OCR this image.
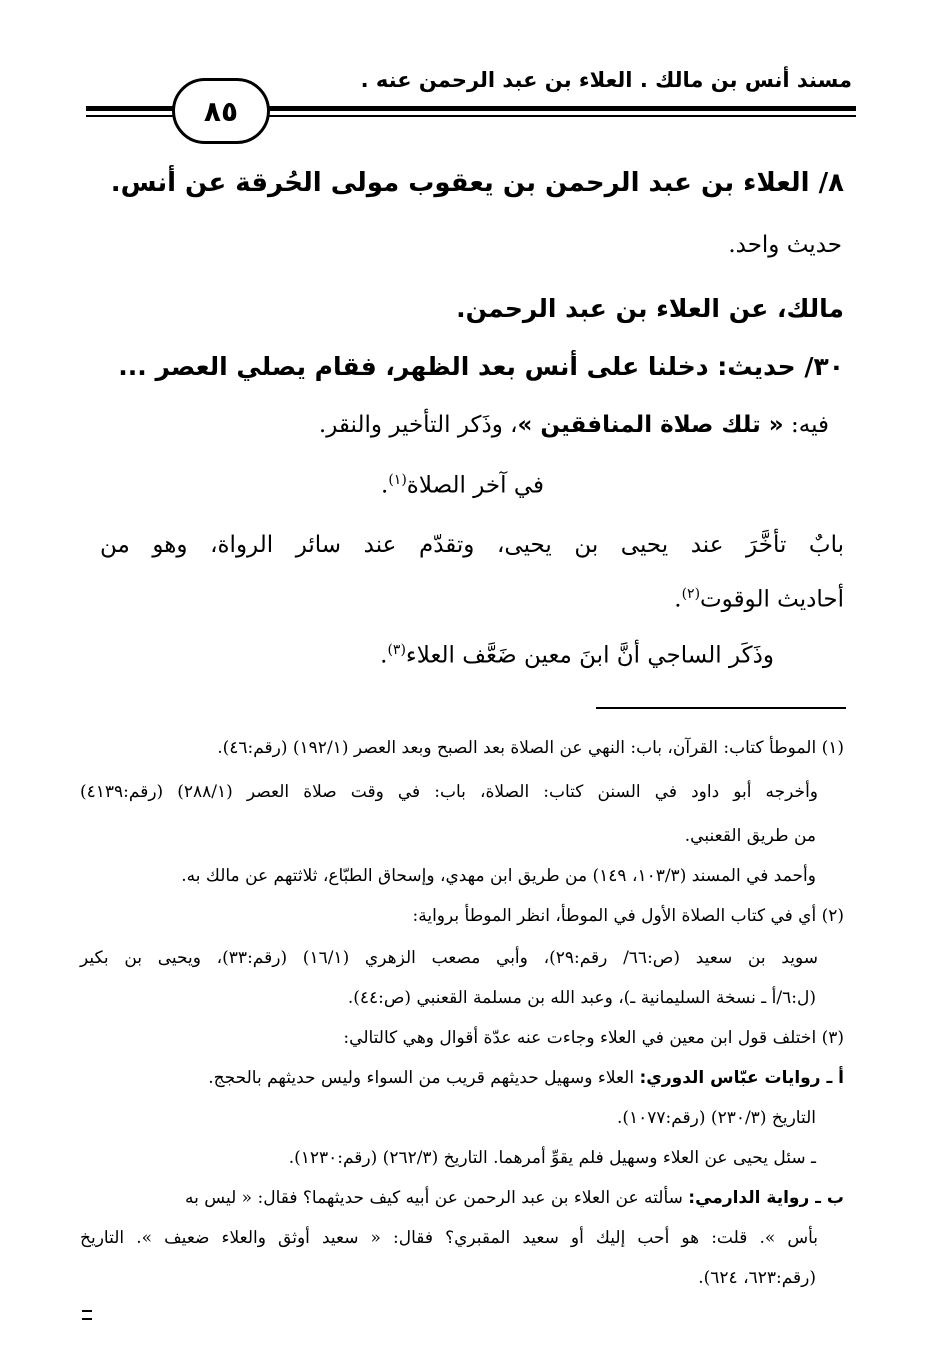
مسند أنس بن مالك . العلاء بن عبد الرحمن عنه .
٨٥
٨/ العلاء بن عبد الرحمن بن يعقوب مولى الحُرقة عن أنس.
حديث واحد.
مالك، عن العلاء بن عبد الرحمن.
٣٠/ حديث: دخلنا على أنس بعد الظهر، فقام يصلي العصر ...
فيه: « تلك صلاة المنافقين »، وذَكر التأخير والنقر.
في آخر الصلاة$^{(١)}$.
بابٌ تأخَّرَ عند يحيى بن يحيى، وتقدّم عند سائر الرواة، وهو من
أحاديث الوقوت$^{(٢)}$.
وذَكَر الساجي أنَّ ابنَ معين ضَعَّف العلاء$^{(٣)}$.
(١) الموطأ كتاب: القرآن، باب: النهي عن الصلاة بعد الصبح وبعد العصر (١٩٢/١) (رقم:٤٦).
وأخرجه أبو داود في السنن كتاب: الصلاة، باب: في وقت صلاة العصر (٢٨٨/١) (رقم:٤١٣٩)
من طريق القعنبي.
وأحمد في المسند (١٠٣/٣، ١٤٩) من طريق ابن مهدي، وإسحاق الطبّاع، ثلاثتهم عن مالك به.
(٢) أي في كتاب الصلاة الأول في الموطأ، انظر الموطأ برواية:
سويد بن سعيد (ص:٦٦/ رقم:٢٩)، وأبي مصعب الزهري (١٦/١) (رقم:٣٣)، ويحيى بن بكير
(ل:٦/أ ـ نسخة السليمانية ـ)، وعبد الله بن مسلمة القعنبي (ص:٤٤).
(٣) اختلف قول ابن معين في العلاء وجاءت عنه عدّة أقوال وهي كالتالي:
أ ـ روايات عبّاس الدوري: العلاء وسهيل حديثهم قريب من السواء وليس حديثهم بالحجج.
التاريخ (٢٣٠/٣) (رقم:١٠٧٧).
ـ سئل يحيى عن العلاء وسهيل فلم يقوِّ أمرهما. التاريخ (٢٦٢/٣) (رقم:١٢٣٠).
ب ـ رواية الدارمي: سألته عن العلاء بن عبد الرحمن عن أبيه كيف حديثهما؟ فقال: « ليس به
بأس ». قلت: هو أحب إليك أو سعيد المقبري؟ فقال: « سعيد أوثق والعلاء ضعيف ». التاريخ
(رقم:٦٢٣، ٦٢٤).
